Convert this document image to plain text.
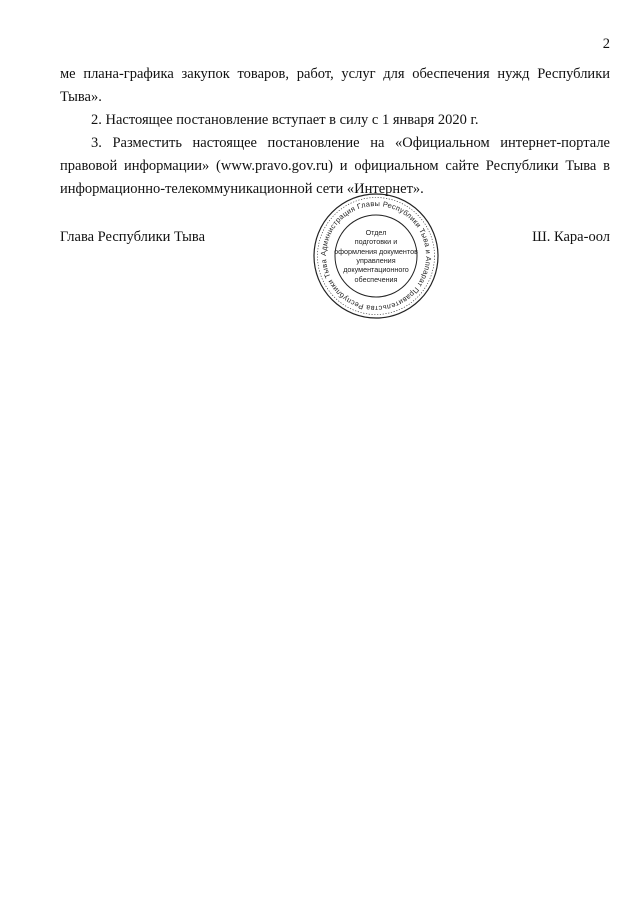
2

ме плана-графика закупок товаров, работ, услуг для обеспечения нужд Республики Тыва».

2. Настоящее постановление вступает в силу с 1 января 2020 г.

3. Разместить настоящее постановление на «Официальном интернет-портале правовой информации» (www.pravo.gov.ru) и официальном сайте Республики Тыва в информационно-телекоммуникационной сети «Интернет».

Глава Республики Тыва	Ш. Кара-оол
Администрация Главы Республики Тыва и Аппарат Правительства Республики Тыва
Отдел
подготовки и
оформления документов
управления
документационного
обеспечения
